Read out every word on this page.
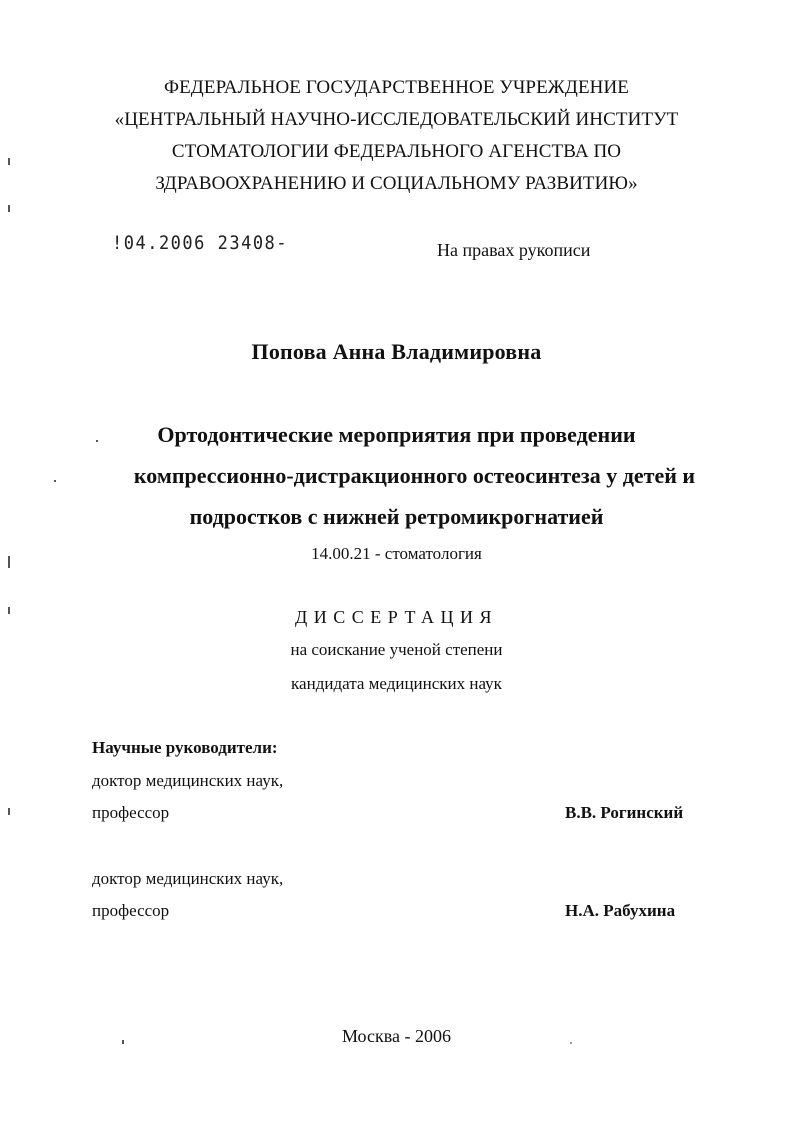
ФЕДЕРАЛЬНОЕ ГОСУДАРСТВЕННОЕ УЧРЕЖДЕНИЕ

«ЦЕНТРАЛЬНЫЙ НАУЧНО-ИССЛЕДОВАТЕЛЬСКИЙ ИНСТИТУТ

СТОМАТОЛОГИИ ФЕДЕРАЛЬНОГО АГЕНСТВА ПО

ЗДРАВООХРАНЕНИЮ И СОЦИАЛЬНОМУ РАЗВИТИЮ»

!04.2006 23408-	На правах рукописи

Попова Анна Владимировна

Ортодонтические мероприятия при проведении

компрессионно-дистракционного остеосинтеза у детей и

подростков с нижней ретромикрогнатией

14.00.21 - стоматология

ДИССЕРТАЦИЯ

на соискание ученой степени

кандидата медицинских наук

Научные руководители:

доктор медицинских наук,

профессор	В.В. Рогинский

доктор медицинских наук,

профессор	Н.А. Рабухина

Москва - 2006
